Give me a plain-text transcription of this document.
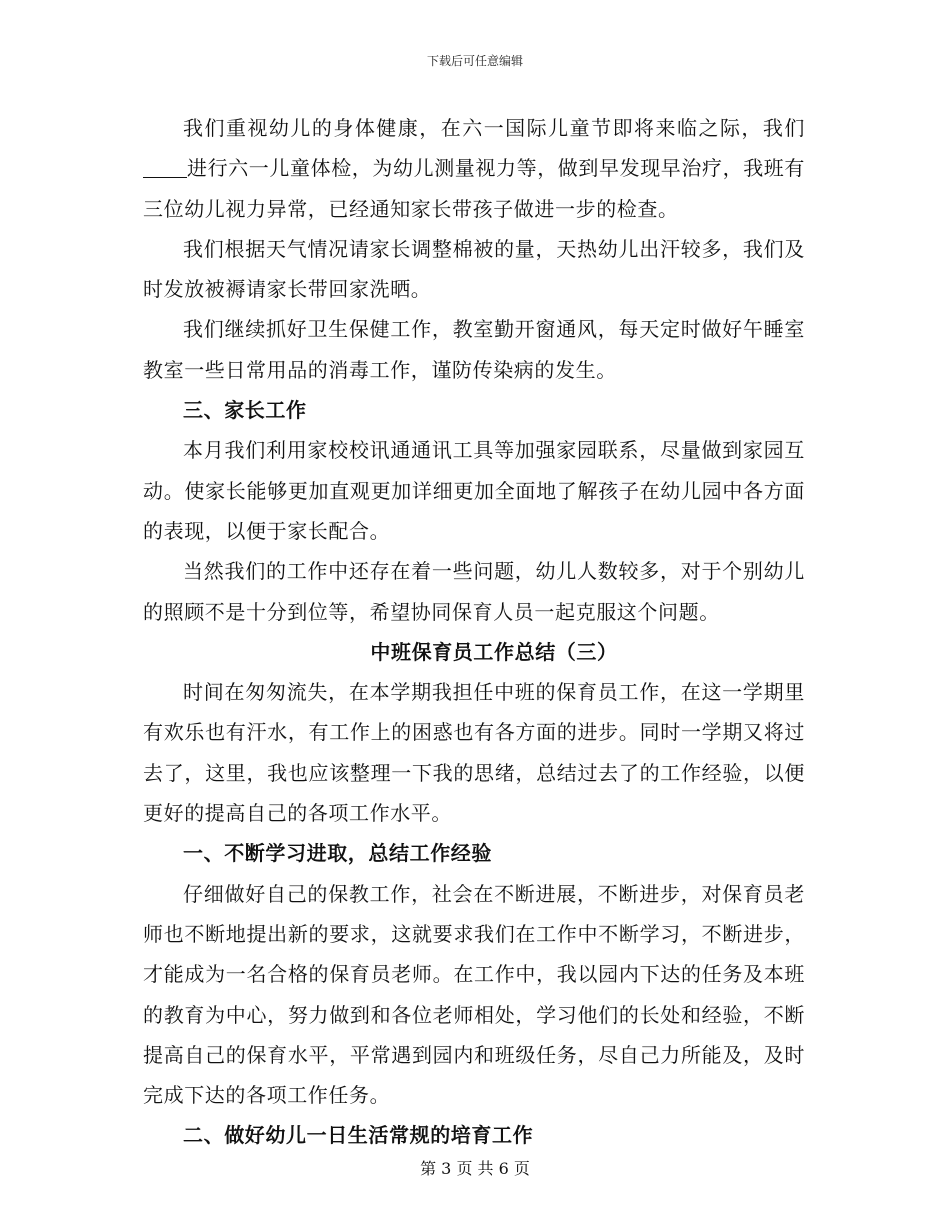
下载后可任意编辑

我们重视幼儿的身体健康，在六一国际儿童节即将来临之际，我们进行六一儿童体检，为幼儿测量视力等，做到早发现早治疗，我班有三位幼儿视力异常，已经通知家长带孩子做进一步的检查。

我们根据天气情况请家长调整棉被的量，天热幼儿出汗较多，我们及时发放被褥请家长带回家洗晒。

我们继续抓好卫生保健工作，教室勤开窗通风，每天定时做好午睡室教室一些日常用品的消毒工作，谨防传染病的发生。

三、家长工作

本月我们利用家校校讯通通讯工具等加强家园联系，尽量做到家园互动。使家长能够更加直观更加详细更加全面地了解孩子在幼儿园中各方面的表现，以便于家长配合。

当然我们的工作中还存在着一些问题，幼儿人数较多，对于个别幼儿的照顾不是十分到位等，希望协同保育人员一起克服这个问题。

中班保育员工作总结（三）

时间在匆匆流失，在本学期我担任中班的保育员工作，在这一学期里有欢乐也有汗水，有工作上的困惑也有各方面的进步。同时一学期又将过去了，这里，我也应该整理一下我的思绪，总结过去了的工作经验，以便更好的提高自己的各项工作水平。

一、不断学习进取，总结工作经验

仔细做好自己的保教工作，社会在不断进展，不断进步，对保育员老师也不断地提出新的要求，这就要求我们在工作中不断学习，不断进步，才能成为一名合格的保育员老师。在工作中，我以园内下达的任务及本班的教育为中心，努力做到和各位老师相处，学习他们的长处和经验，不断提高自己的保育水平，平常遇到园内和班级任务，尽自己力所能及，及时完成下达的各项工作任务。

二、做好幼儿一日生活常规的培育工作

第 3 页 共 6 页
